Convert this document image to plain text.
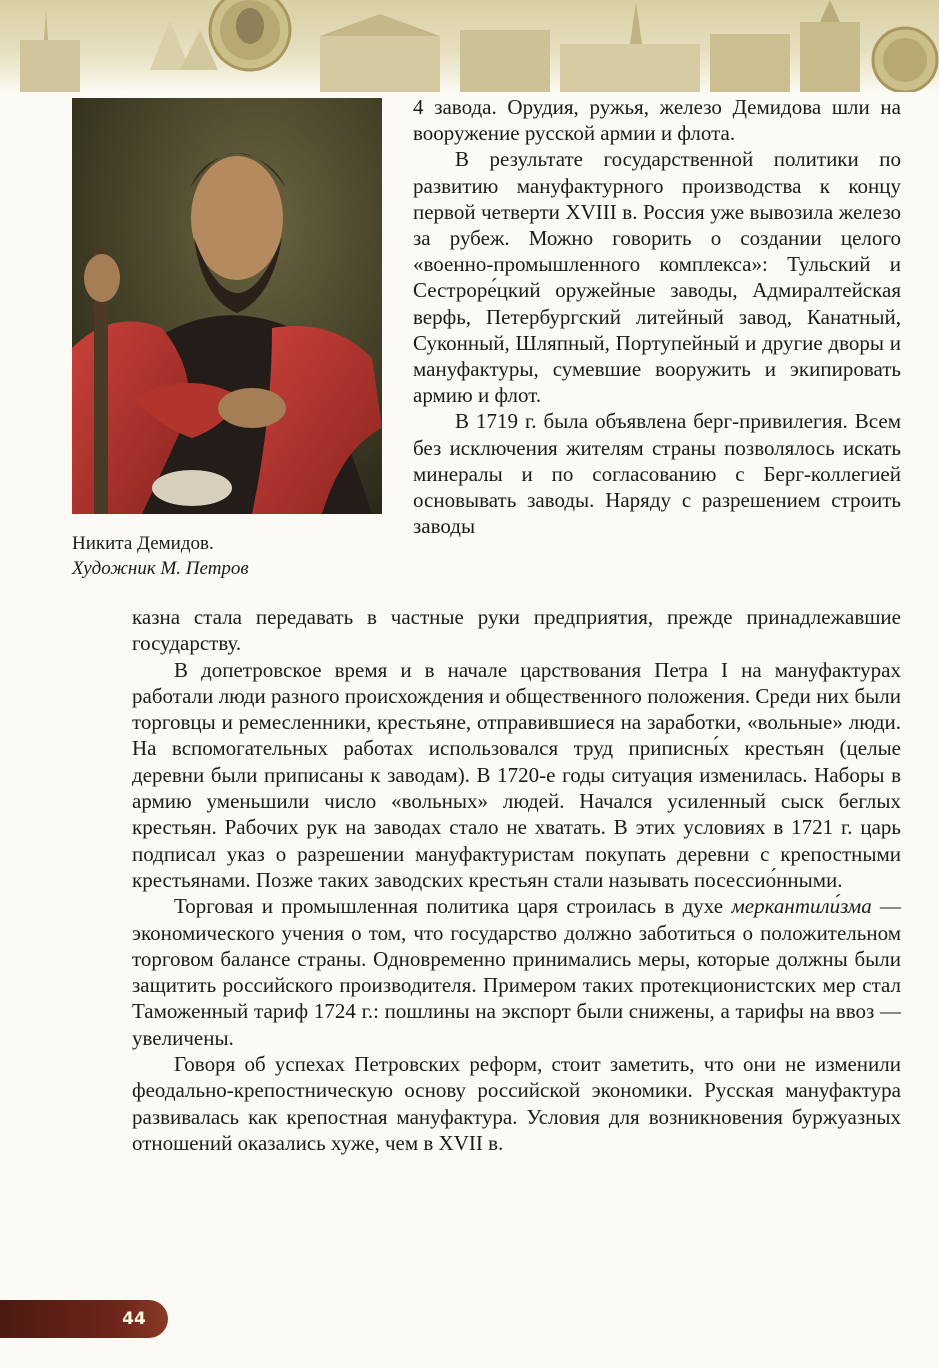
Никита Демидов.
Художник М. Петров

4 завода. Орудия, ружья, железо Демидова шли на вооружение русской армии и флота.

В результате государственной политики по развитию мануфактурного производства к концу первой четверти XVIII в. Россия уже вывозила железо за рубеж. Можно говорить о создании целого «военно-промышленного комплекса»: Тульский и Сестроре́цкий оружейные заводы, Адмиралтейская верфь, Петербургский литейный завод, Канатный, Суконный, Шляпный, Портупейный и другие дворы и мануфактуры, сумевшие вооружить и экипировать армию и флот.

В 1719 г. была объявлена берг-привилегия. Всем без исключения жителям страны позволялось искать минералы и по согласованию с Берг-коллегией основывать заводы. Наряду с разрешением строить заводы

казна стала передавать в частные руки предприятия, прежде принадлежавшие государству.

В допетровское время и в начале царствования Петра I на мануфактурах работали люди разного происхождения и общественного положения. Среди них были торговцы и ремесленники, крестьяне, отправившиеся на заработки, «вольные» люди. На вспомогательных работах использовался труд приписны́х крестьян (целые деревни были приписаны к заводам). В 1720-е годы ситуация изменилась. Наборы в армию уменьшили число «вольных» людей. Начался усиленный сыск беглых крестьян. Рабочих рук на заводах стало не хватать. В этих условиях в 1721 г. царь подписал указ о разрешении мануфактуристам покупать деревни с крепостными крестьянами. Позже таких заводских крестьян стали называть посессио́нными.

Торговая и промышленная политика царя строилась в духе меркантили́зма — экономического учения о том, что государство должно заботиться о положительном торговом балансе страны. Одновременно принимались меры, которые должны были защитить российского производителя. Примером таких протекционистских мер стал Таможенный тариф 1724 г.: пошлины на экспорт были снижены, а тарифы на ввоз — увеличены.

Говоря об успехах Петровских реформ, стоит заметить, что они не изменили феодально-крепостническую основу российской экономики. Русская мануфактура развивалась как крепостная мануфактура. Условия для возникновения буржуазных отношений оказались хуже, чем в XVII в.

44
